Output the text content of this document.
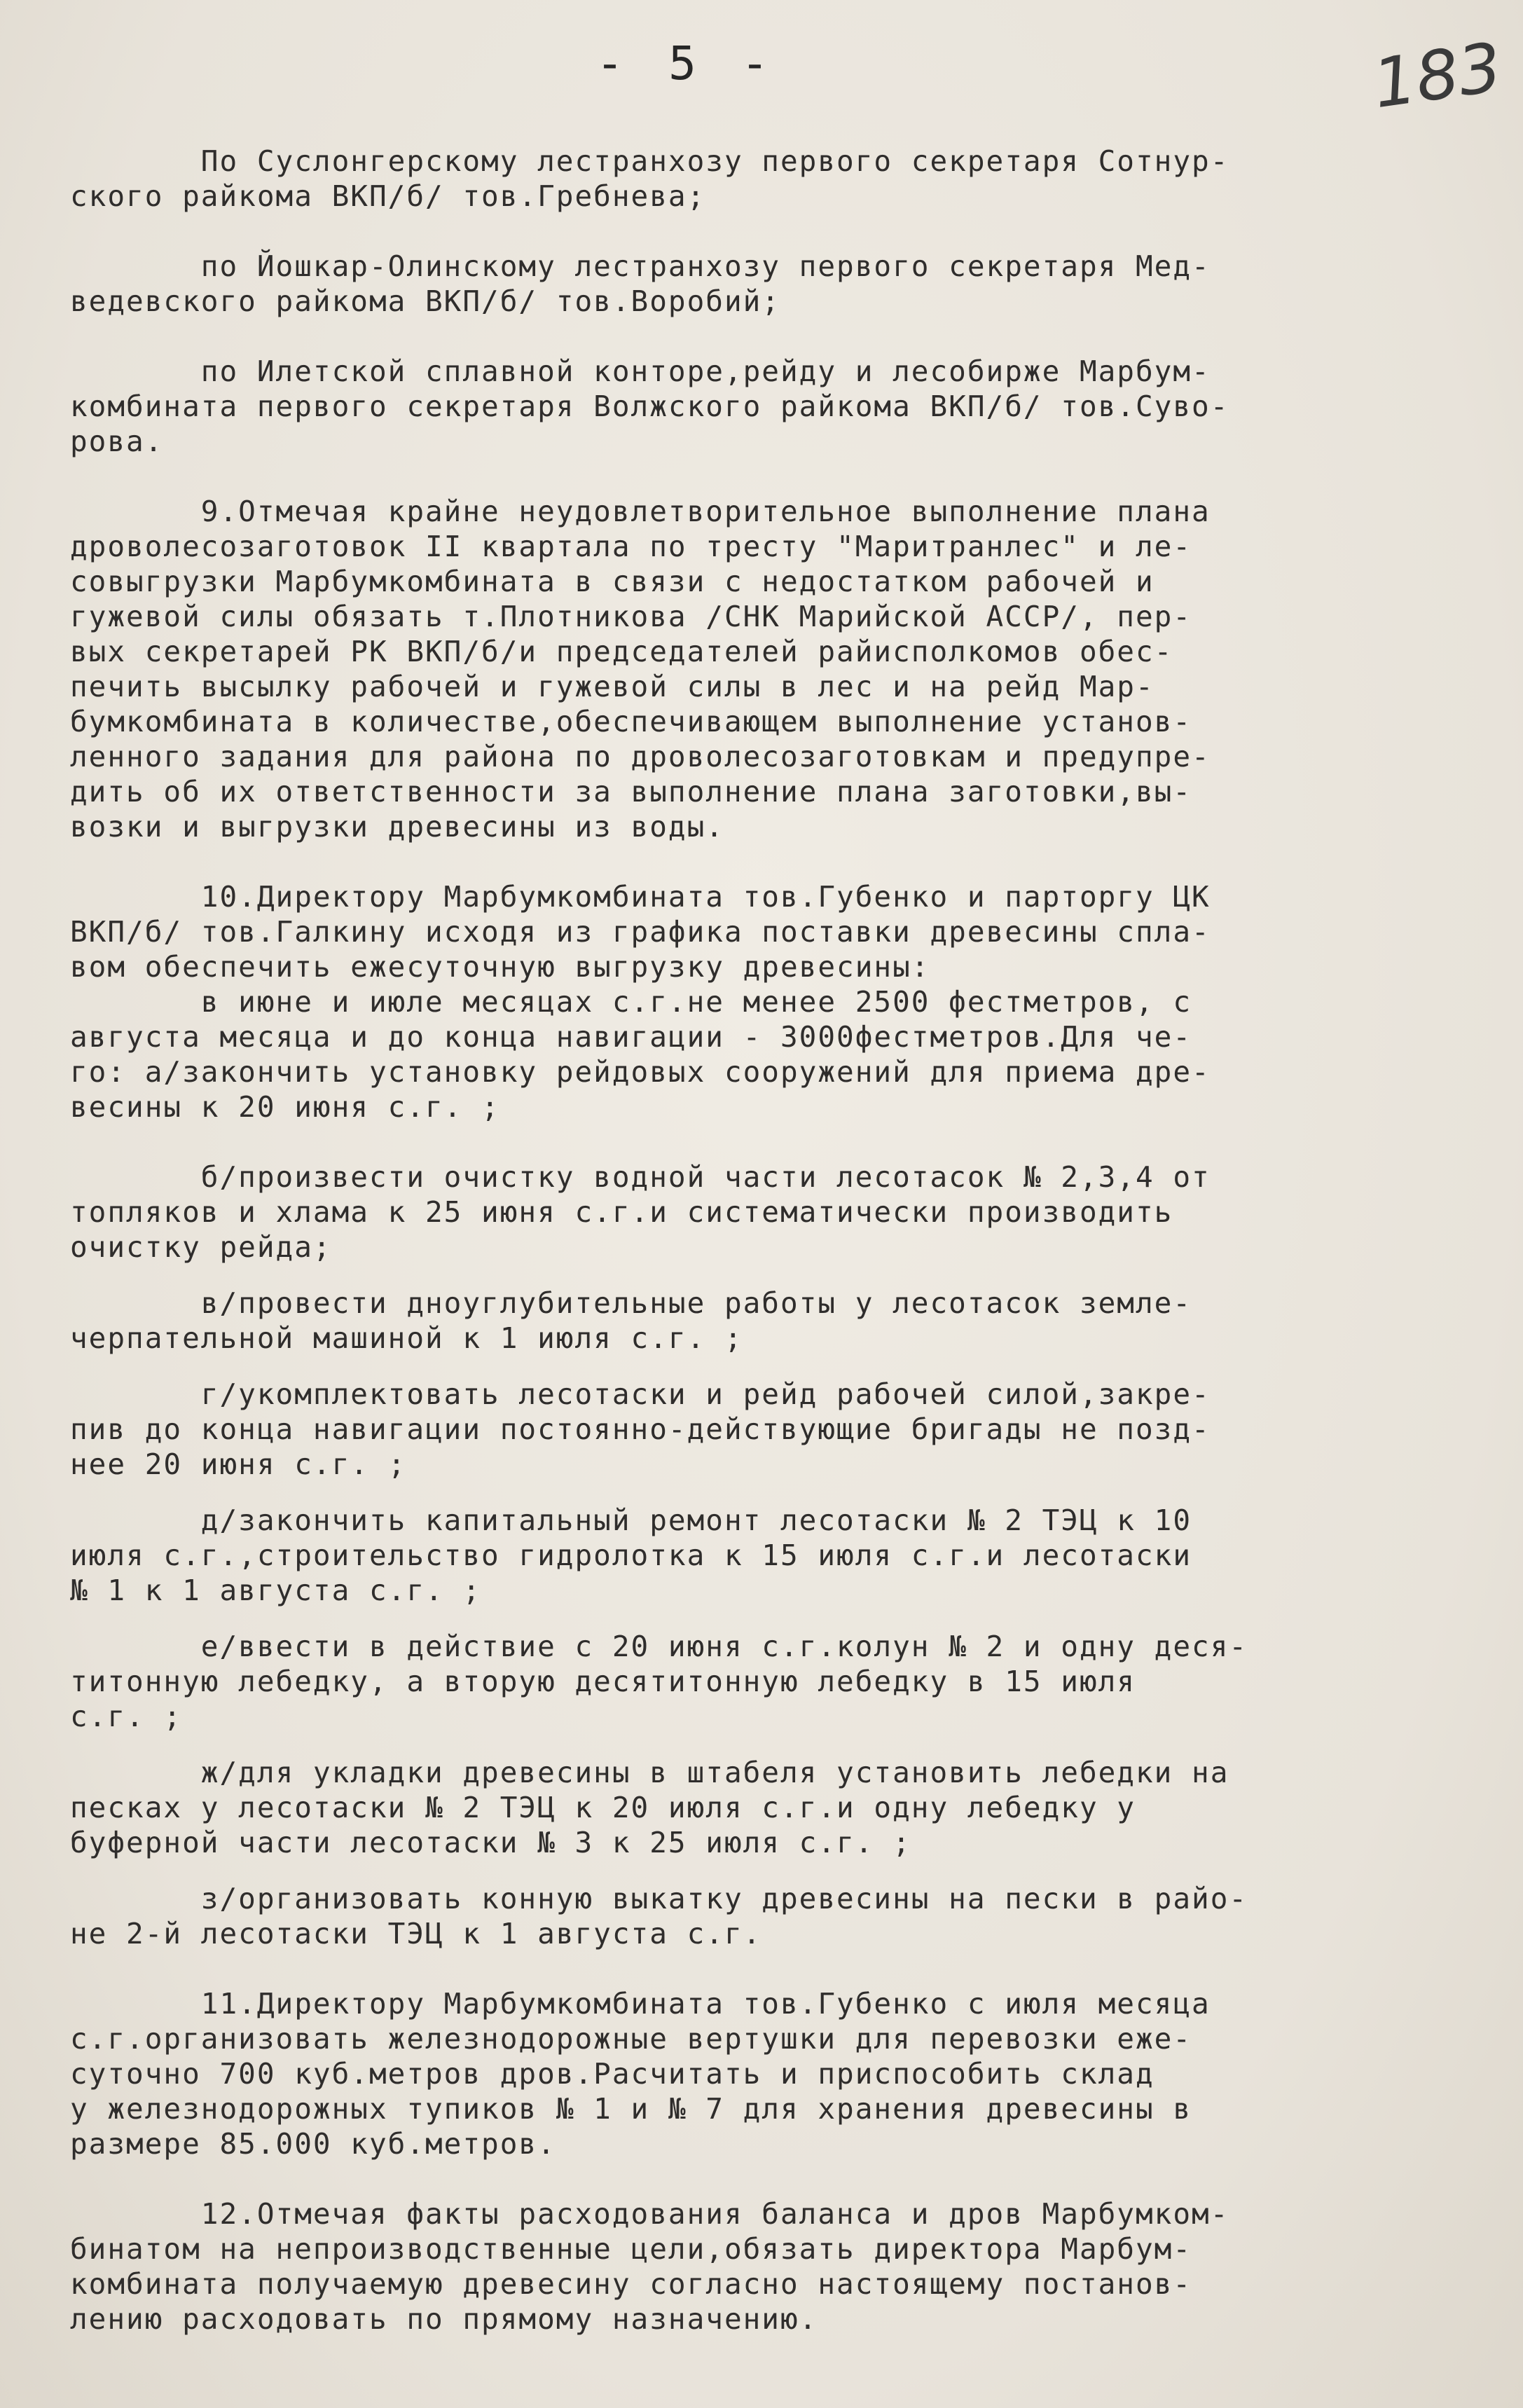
- 5 -	183

По Суслонгерскому лестранхозу первого секретаря Сотнур-
ского райкома ВКП/б/ тов.Гребнева;

по Йошкар-Олинскому лестранхозу первого секретаря Мед-
ведевского райкома ВКП/б/ тов.Воробий;

по Илетской сплавной конторе,рейду и лесобирже Марбум-
комбината первого секретаря Волжского райкома ВКП/б/ тов.Суво-
рова.

9.Отмечая крайне неудовлетворительное выполнение плана
дроволесозаготовок II квартала по тресту "Маритранлес" и ле-
совыгрузки Марбумкомбината в связи с недостатком рабочей и
гужевой силы обязать т.Плотникова /СНК Марийской АССР/, пер-
вых секретарей РК ВКП/б/и председателей райисполкомов обес-
печить высылку рабочей и гужевой силы в лес и на рейд Мар-
бумкомбината в количестве,обеспечивающем выполнение установ-
ленного задания для района по дроволесозаготовкам и предупре-
дить об их ответственности за выполнение плана заготовки,вы-
возки и выгрузки древесины из воды.

10.Директору Марбумкомбината тов.Губенко и парторгу ЦК
ВКП/б/ тов.Галкину исходя из графика поставки древесины спла-
вом обеспечить ежесуточную выгрузку древесины:
в июне и июле месяцах с.г.не менее 2500 фестметров, с
августа месяца и до конца навигации - 3000фестметров.Для че-
го: а/закончить установку рейдовых сооружений для приема дре-
весины к 20 июня с.г. ;

б/произвести очистку водной части лесотасок № 2,3,4 от
топляков и хлама к 25 июня с.г.и систематически производить
очистку рейда;

в/провести дноуглубительные работы у лесотасок земле-
черпательной машиной к 1 июля с.г. ;

г/укомплектовать лесотаски и рейд рабочей силой,закре-
пив до конца навигации постоянно-действующие бригады не позд-
нее 20 июня с.г. ;

д/закончить капитальный ремонт лесотаски № 2 ТЭЦ к 10
июля с.г.,строительство гидролотка к 15 июля с.г.и лесотаски
№ 1 к 1 августа с.г. ;

е/ввести в действие с 20 июня с.г.колун № 2 и одну деся-
титонную лебедку, а вторую десятитонную лебедку в 15 июля
с.г. ;

ж/для укладки древесины в штабеля установить лебедки на
песках у лесотаски № 2 ТЭЦ к 20 июля с.г.и одну лебедку у
буферной части лесотаски № 3 к 25 июля с.г. ;

з/организовать конную выкатку древесины на пески в райо-
не 2-й лесотаски ТЭЦ к 1 августа с.г.

11.Директору Марбумкомбината тов.Губенко с июля месяца
с.г.организовать железнодорожные вертушки для перевозки еже-
суточно 700 куб.метров дров.Расчитать и приспособить склад
у железнодорожных тупиков № 1 и № 7 для хранения древесины в
размере 85.000 куб.метров.

12.Отмечая факты расходования баланса и дров Марбумком-
бинатом на непроизводственные цели,обязать директора Марбум-
комбината получаемую древесину согласно настоящему постанов-
лению расходовать по прямому назначению.
